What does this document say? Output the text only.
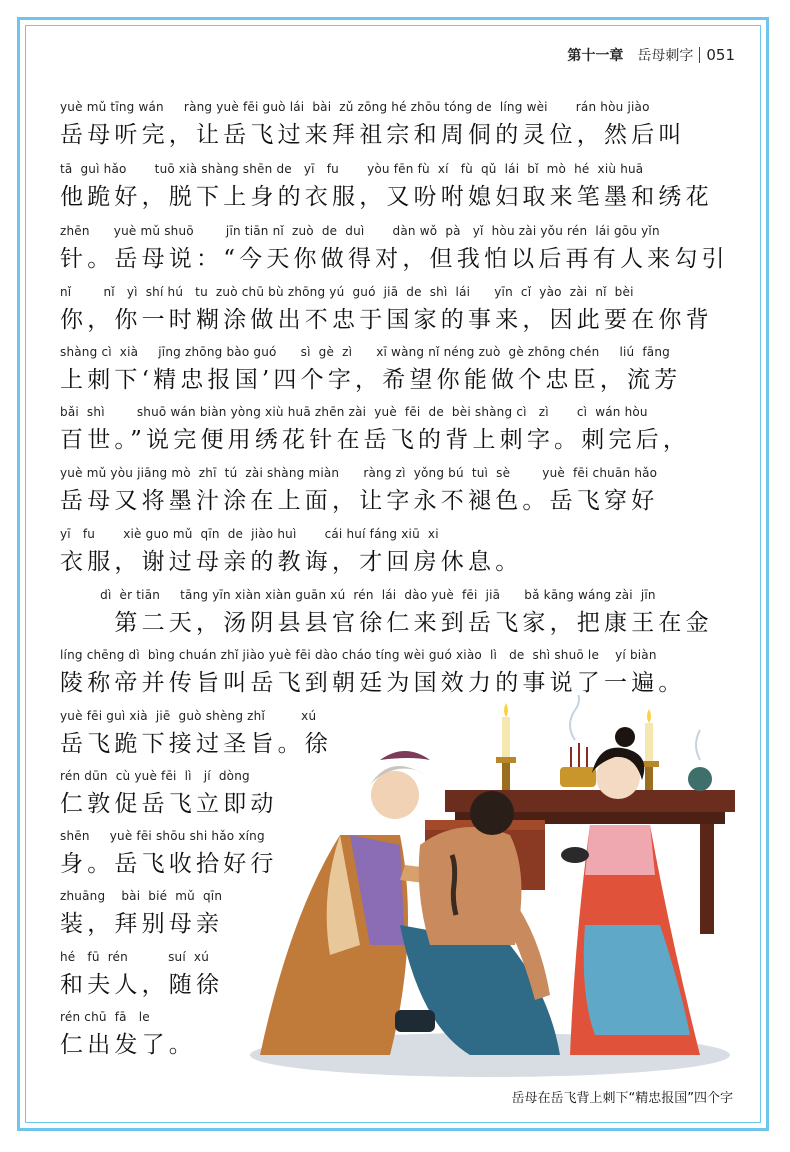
第十一章 岳母刺字 051
yuè mǔ tīng wán     ràng yuè fēi guò lái  bài  zǔ zōng hé zhōu tóng de  líng wèi       rán hòu jiào
岳母听完，让岳飞过来拜祖宗和周侗的灵位，然后叫
tā  guì hǎo       tuō xià shàng shēn de   yī   fu       yòu fēn fù  xí   fù  qǔ  lái  bǐ  mò  hé  xiù huā
他跪好，脱下上身的衣服，又吩咐媳妇取来笔墨和绣花
zhēn      yuè mǔ shuō        jīn tiān nǐ  zuò  de  duì       dàn wǒ  pà   yǐ  hòu zài yǒu rén  lái gōu yǐn
针。岳母说：“今天你做得对，但我怕以后再有人来勾引
nǐ        nǐ   yì  shí hú   tu  zuò chū bù zhōng yú  guó  jiā  de  shì  lái      yīn  cǐ  yào  zài  nǐ  bèi
你，你一时糊涂做出不忠于国家的事来，因此要在你背
shàng cì  xià     jīng zhōng bào guó      sì  gè  zì      xī wàng nǐ néng zuò  gè zhōng chén     liú  fāng
上刺下‘精忠报国’四个字，希望你能做个忠臣，流芳
bǎi  shì        shuō wán biàn yòng xiù huā zhēn zài  yuè  fēi  de  bèi shàng cì   zì       cì  wán hòu
百世。”说完便用绣花针在岳飞的背上刺字。刺完后，
yuè mǔ yòu jiāng mò  zhī  tú  zài shàng miàn      ràng zì  yǒng bú  tuì  sè        yuè  fēi chuān hǎo
岳母又将墨汁涂在上面，让字永不褪色。岳飞穿好
yī   fu       xiè guo mǔ  qīn  de  jiào huì       cái huí fáng xiū  xi
衣服，谢过母亲的教诲，才回房休息。
dì  èr tiān     tāng yīn xiàn xiàn guān xú  rén  lái  dào yuè  fēi  jiā      bǎ kāng wáng zài  jīn
　　第二天，汤阴县县官徐仁来到岳飞家，把康王在金
líng chēng dì  bìng chuán zhǐ jiào yuè fēi dào cháo tíng wèi guó xiào  lì   de  shì shuō le    yí biàn
陵称帝并传旨叫岳飞到朝廷为国效力的事说了一遍。
yuè fēi guì xià  jiē  guò shèng zhǐ         xú
岳飞跪下接过圣旨。徐
rén dūn  cù yuè fēi  lì   jí  dòng
仁敦促岳飞立即动
shēn     yuè fēi shōu shi hǎo xíng
身。岳飞收拾好行
zhuāng    bài  bié  mǔ  qīn
装，拜别母亲
hé   fū  rén          suí  xú
和夫人，随徐
rén chū  fā   le
仁出发了。
岳母在岳飞背上刺下“精忠报国”四个字
